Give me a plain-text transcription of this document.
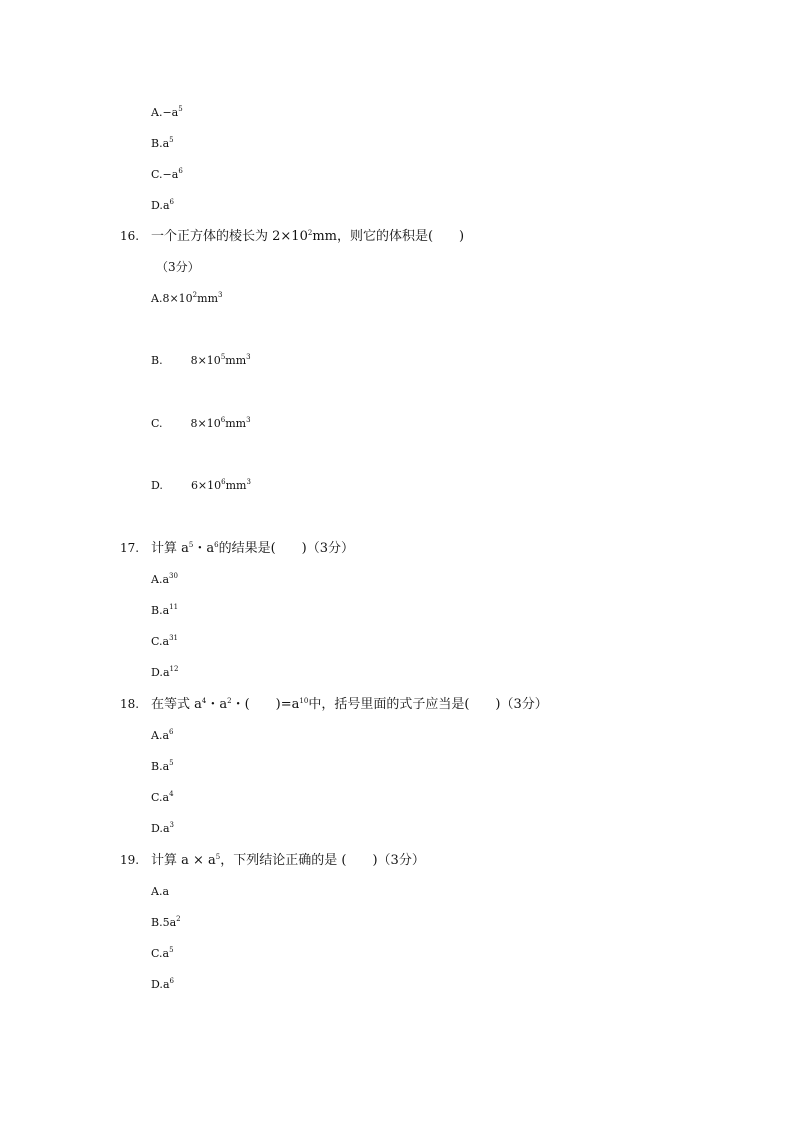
$A.-a^5$
$B.a^5$
$C.-a^6$
$D.a^6$
16. 一个正方体的棱长为 $2\times 10^2mm$，则它的体积是(　　)
（3分）
$A.8\times 10^2mm^3$
B.	$8\times 10^5mm^3$
C.	$8\times 10^6mm^3$
D.	$6\times 10^6mm^3$
17. 计算 $a^5$・$a^6$的结果是(　　)（3分）
$A.a^{30}$
$B.a^{11}$
$C.a^{31}$
$D.a^{12}$
18. 在等式 $a^4$・$a^2$・(　　)$=a^{10}$中，括号里面的式子应当是(　　)（3分）
$A.a^6$
$B.a^5$
$C.a^4$
$D.a^3$
19. 计算 $a \times a^5$，下列结论正确的是 (　　)（3分）
A.a
$B.5a^2$
$C.a^5$
$D.a^6$
